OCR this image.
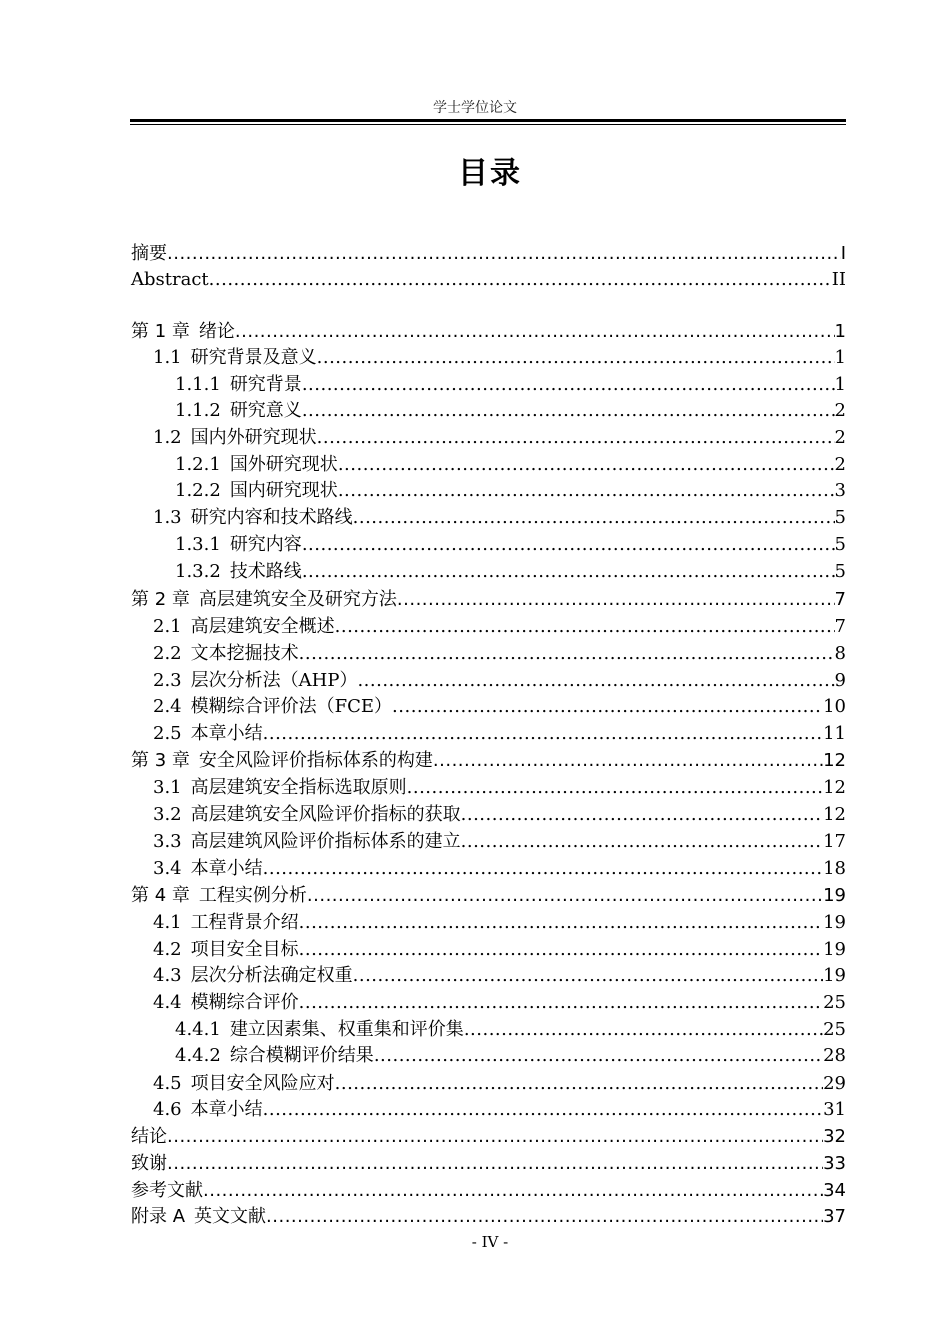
学士学位论文
目录
摘要 .....	I
Abstract .....	II
第 1 章 绪论 .....	1
1.1 研究背景及意义 .....	1
1.1.1 研究背景 .....	1
1.1.2 研究意义 .....	2
1.2 国内外研究现状 .....	2
1.2.1 国外研究现状 .....	2
1.2.2 国内研究现状 .....	3
1.3 研究内容和技术路线 .....	5
1.3.1 研究内容 .....	5
1.3.2 技术路线 .....	5
第 2 章 高层建筑安全及研究方法 .....	7
2.1 高层建筑安全概述 .....	7
2.2 文本挖掘技术 .....	8
2.3 层次分析法（AHP） .....	9
2.4 模糊综合评价法（FCE） .....	10
2.5 本章小结 .....	11
第 3 章 安全风险评价指标体系的构建 .....	12
3.1 高层建筑安全指标选取原则 .....	12
3.2 高层建筑安全风险评价指标的获取 .....	12
3.3 高层建筑风险评价指标体系的建立 .....	17
3.4 本章小结 .....	18
第 4 章 工程实例分析 .....	19
4.1 工程背景介绍 .....	19
4.2 项目安全目标 .....	19
4.3 层次分析法确定权重 .....	19
4.4 模糊综合评价 .....	25
4.4.1 建立因素集、权重集和评价集 .....	25
4.4.2 综合模糊评价结果 .....	28
4.5 项目安全风险应对 .....	29
4.6 本章小结 .....	31
结论 .....	32
致谢 .....	33
参考文献 .....	34
附录 A 英文文献 .....	37
- IV -
